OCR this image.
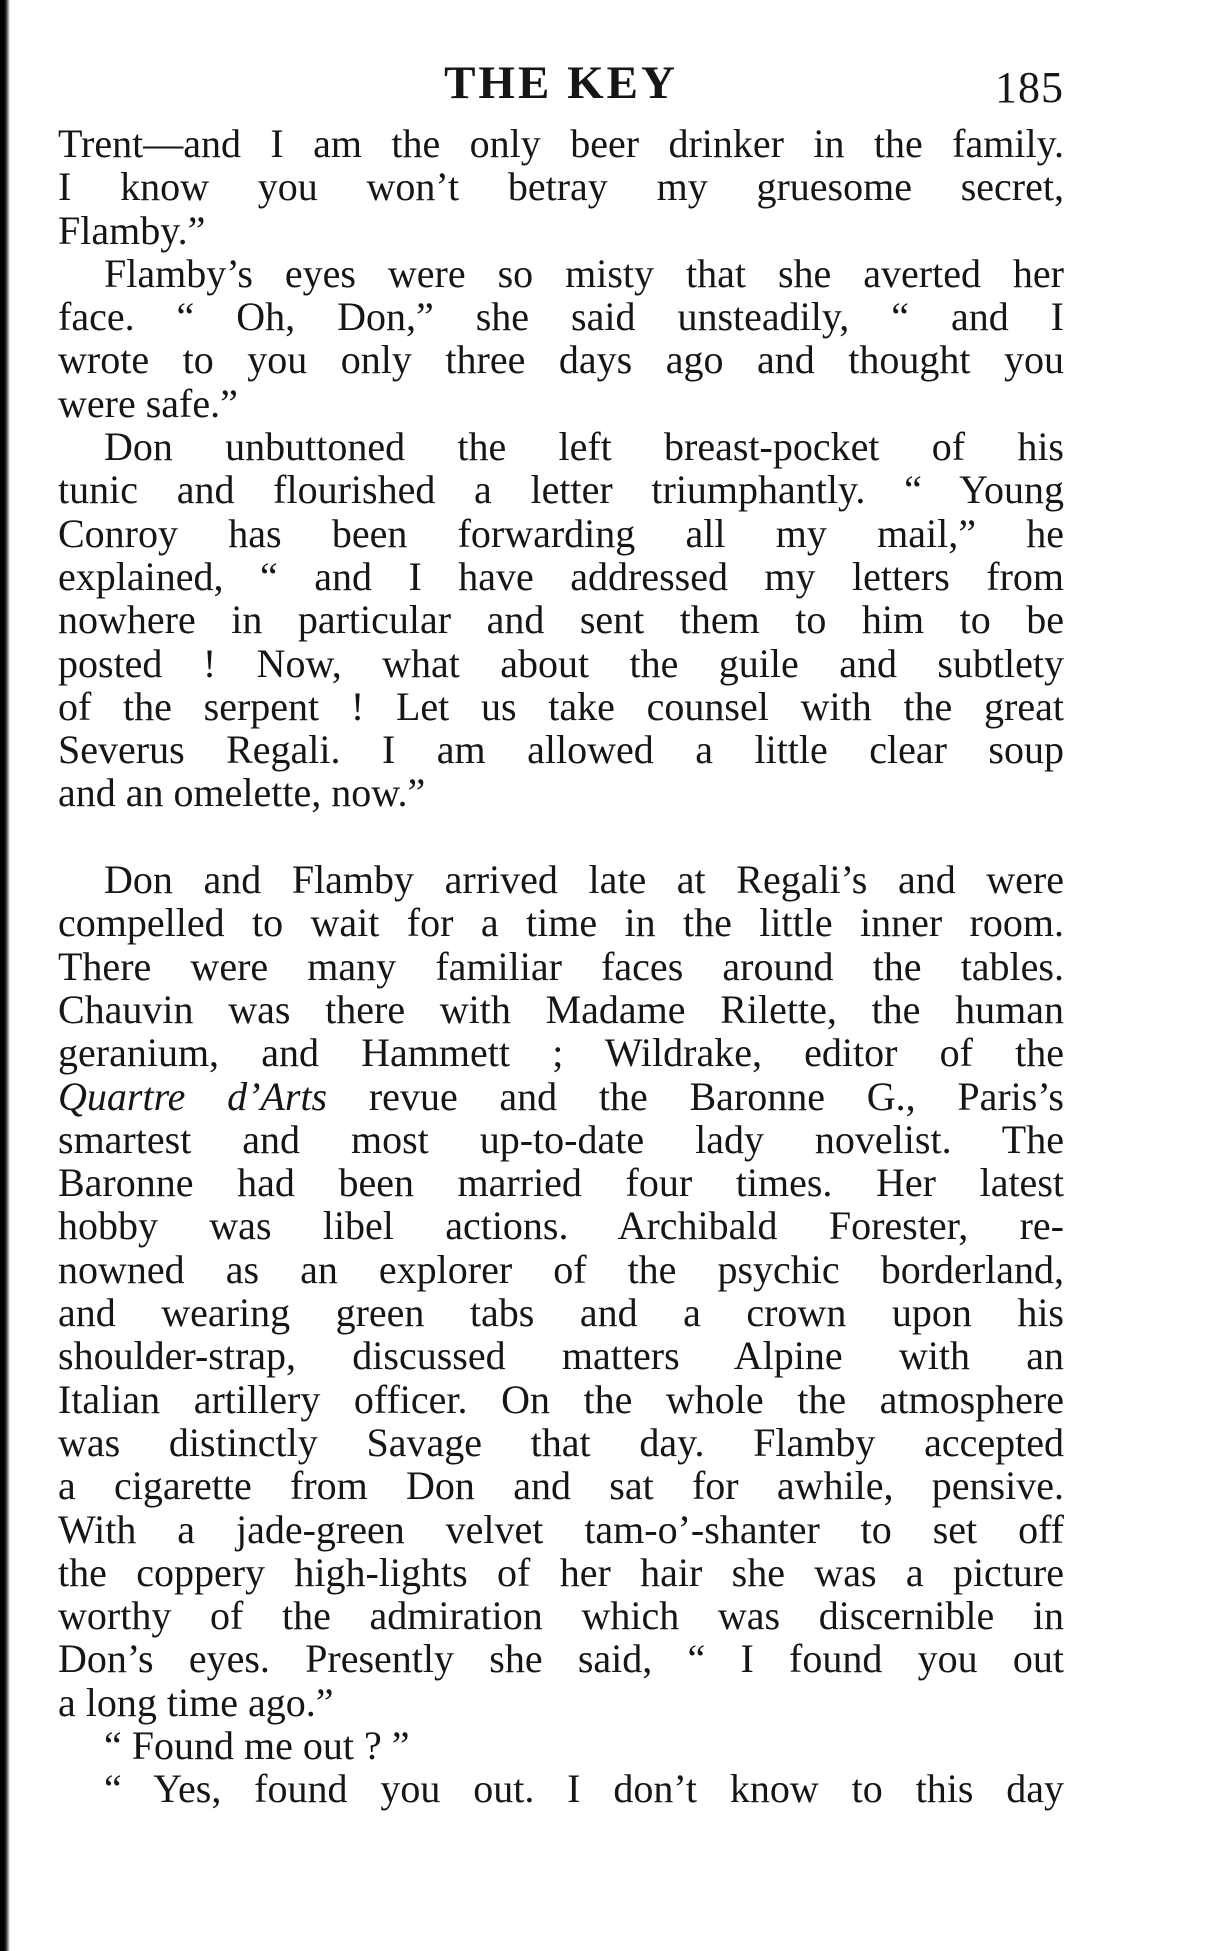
THE KEY	185
Trent—and I am the only beer drinker in the family.
I know you won’t betray my gruesome secret,
Flamby.”
Flamby’s eyes were so misty that she averted her
face. “ Oh, Don,” she said unsteadily, “ and I
wrote to you only three days ago and thought you
were safe.”
Don unbuttoned the left breast-pocket of his
tunic and flourished a letter triumphantly. “ Young
Conroy has been forwarding all my mail,” he
explained, “ and I have addressed my letters from
nowhere in particular and sent them to him to be
posted ! Now, what about the guile and subtlety
of the serpent ! Let us take counsel with the great
Severus Regali. I am allowed a little clear soup
and an omelette, now.”
Don and Flamby arrived late at Regali’s and were
compelled to wait for a time in the little inner room.
There were many familiar faces around the tables.
Chauvin was there with Madame Rilette, the human
geranium, and Hammett ; Wildrake, editor of the
Quartre d’Arts revue and the Baronne G., Paris’s
smartest and most up-to-date lady novelist. The
Baronne had been married four times. Her latest
hobby was libel actions. Archibald Forester, re-
nowned as an explorer of the psychic borderland,
and wearing green tabs and a crown upon his
shoulder-strap, discussed matters Alpine with an
Italian artillery officer. On the whole the atmosphere
was distinctly Savage that day. Flamby accepted
a cigarette from Don and sat for awhile, pensive.
With a jade-green velvet tam-o’-shanter to set off
the coppery high-lights of her hair she was a picture
worthy of the admiration which was discernible in
Don’s eyes. Presently she said, “ I found you out
a long time ago.”
“ Found me out ? ”
“ Yes, found you out. I don’t know to this day
